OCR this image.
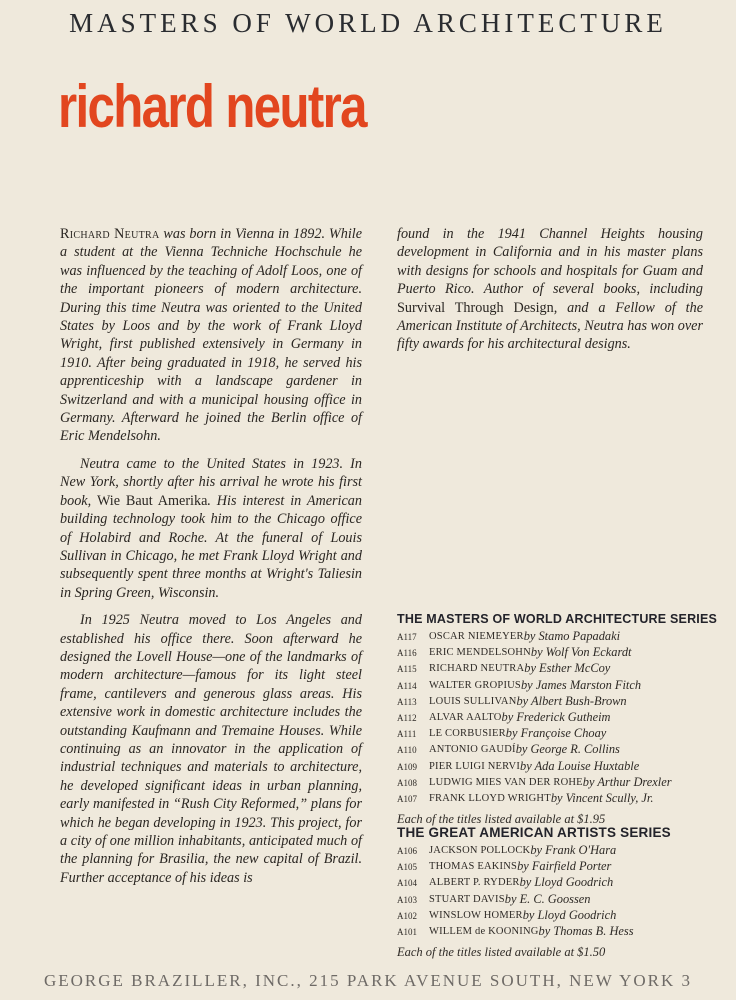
MASTERS OF WORLD ARCHITECTURE
richard neutra

Richard Neutra was born in Vienna in 1892. While a student at the Vienna Techniche Hochschule he was influenced by the teaching of Adolf Loos, one of the important pioneers of modern architecture. During this time Neutra was oriented to the United States by Loos and by the work of Frank Lloyd Wright, first published extensively in Germany in 1910. After being graduated in 1918, he served his apprenticeship with a landscape gardener in Switzerland and with a municipal housing office in Germany. Afterward he joined the Berlin office of Eric Mendelsohn.

Neutra came to the United States in 1923. In New York, shortly after his arrival he wrote his first book, Wie Baut Amerika. His interest in American building technology took him to the Chicago office of Holabird and Roche. At the funeral of Louis Sullivan in Chicago, he met Frank Lloyd Wright and subsequently spent three months at Wright's Taliesin in Spring Green, Wisconsin.

In 1925 Neutra moved to Los Angeles and established his office there. Soon afterward he designed the Lovell House—one of the landmarks of modern architecture—famous for its light steel frame, cantilevers and generous glass areas. His extensive work in domestic architecture includes the outstanding Kaufmann and Tremaine Houses. While continuing as an innovator in the application of industrial techniques and materials to architecture, he developed significant ideas in urban planning, early manifested in “Rush City Reformed,” plans for which he began developing in 1923. This project, for a city of one million inhabitants, anticipated much of the planning for Brasilia, the new capital of Brazil. Further acceptance of his ideas is

found in the 1941 Channel Heights housing development in California and in his master plans with designs for schools and hospitals for Guam and Puerto Rico. Author of several books, including Survival Through Design, and a Fellow of the American Institute of Architects, Neutra has won over fifty awards for his architectural designs.

THE MASTERS OF WORLD ARCHITECTURE SERIES
A117	OSCAR NIEMEYER by Stamo Papadaki
A116	ERIC MENDELSOHN by Wolf Von Eckardt
A115	RICHARD NEUTRA by Esther McCoy
A114	WALTER GROPIUS by James Marston Fitch
A113	LOUIS SULLIVAN by Albert Bush-Brown
A112	ALVAR AALTO by Frederick Gutheim
A111	LE CORBUSIER by Françoise Choay
A110	ANTONIO GAUDÍ by George R. Collins
A109	PIER LUIGI NERVI by Ada Louise Huxtable
A108	LUDWIG MIES VAN DER ROHE by Arthur Drexler
A107	FRANK LLOYD WRIGHT by Vincent Scully, Jr.
Each of the titles listed available at $1.95
THE GREAT AMERICAN ARTISTS SERIES
A106	JACKSON POLLOCK by Frank O'Hara
A105	THOMAS EAKINS by Fairfield Porter
A104	ALBERT P. RYDER by Lloyd Goodrich
A103	STUART DAVIS by E. C. Goossen
A102	WINSLOW HOMER by Lloyd Goodrich
A101	WILLEM de KOONING by Thomas B. Hess
Each of the titles listed available at $1.50
GEORGE BRAZILLER, INC., 215 PARK AVENUE SOUTH, NEW YORK 3
